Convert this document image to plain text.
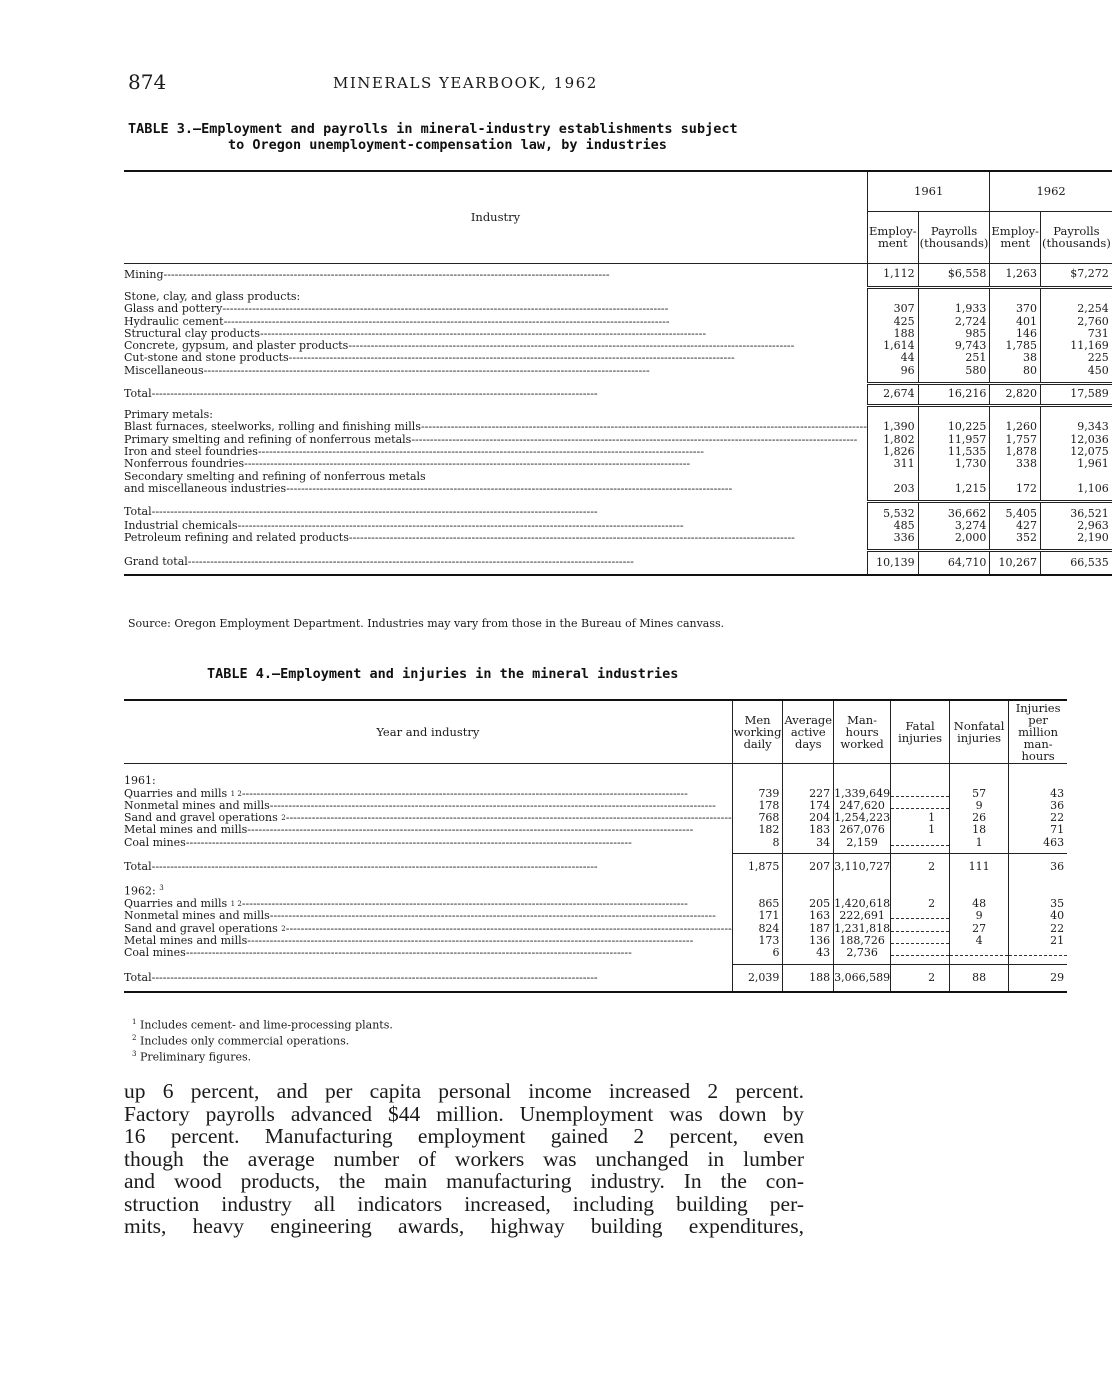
874	MINERALS YEARBOOK, 1962
TABLE 3.—Employment and payrolls in mineral-industry establishments subject
to Oregon unemployment-compensation law, by industries
Industry	1961		1962	
	Employ-ment	Payrolls (thousands)	Employ-ment	Payrolls (thousands)

Mining
-----	1,112	$6,558	1,263	$7,272
Stone, clay, and glass products:				

Glass and pottery
-----	307	1,933	370	2,254

Hydraulic cement
-----	425	2,724	401	2,760

Structural clay products
-----	188	985	146	731

Concrete, gypsum, and plaster products
-----	1,614	9,743	1,785	11,169

Cut-stone and stone products
-----	44	251	38	225

Miscellaneous
-----	96	580	80	450

Total
-----	2,674	16,216	2,820	17,589
Primary metals:				

Blast furnaces, steelworks, rolling and finishing mills
-----	1,390	10,225	1,260	9,343

Primary smelting and refining of nonferrous metals
-----	1,802	11,957	1,757	12,036

Iron and steel foundries
-----	1,826	11,535	1,878	12,075

Nonferrous foundries
-----	311	1,730	338	1,961
Secondary smelting and refining of nonferrous metals				

and miscellaneous industries
-----	203	1,215	172	1,106

Total
-----	5,532	36,662	5,405	36,521

Industrial chemicals
-----	485	3,274	427	2,963

Petroleum refining and related products
-----	336	2,000	352	2,190

Grand total
-----	10,139	64,710	10,267	66,535
Source: Oregon Employment Department. Industries may vary from those in the Bureau of Mines canvass.
TABLE 4.—Employment and injuries in the mineral industries
Year and industry	Men working daily	Average active days	Man-hours worked	Fatal injuries	Nonfatal injuries	Injuries per million man-hours
1961:						

Quarries and mills
1 2
-----	739	227	1,339,649		57	43

Nonmetal mines and mills
-----	178	174	247,620		9	36

Sand and gravel operations
2
-----	768	204	1,254,223	1	26	22

Metal mines and mills
-----	182	183	267,076	1	18	71

Coal mines
-----	8	34	2,159		1	463

Total
-----	1,875	207	3,110,727	2	111	36
1962: $^3$						

Quarries and mills
1 2
-----	865	205	1,420,618	2	48	35

Nonmetal mines and mills
-----	171	163	222,691		9	40

Sand and gravel operations
2
-----	824	187	1,231,818		27	22

Metal mines and mills
-----	173	136	188,726		4	21

Coal mines
-----	6	43	2,736			

Total
-----	2,039	188	3,066,589	2	88	29
$^1$ Includes cement- and lime-processing plants.
$^2$ Includes only commercial operations.
$^3$ Preliminary figures.
up 6 percent, and per capita personal income increased 2 percent.
Factory payrolls advanced $44 million. Unemployment was down by
16 percent. Manufacturing employment gained 2 percent, even
though the average number of workers was unchanged in lumber
and wood products, the main manufacturing industry. In the con-
struction industry all indicators increased, including building per-
mits, heavy engineering awards, highway building expenditures,
